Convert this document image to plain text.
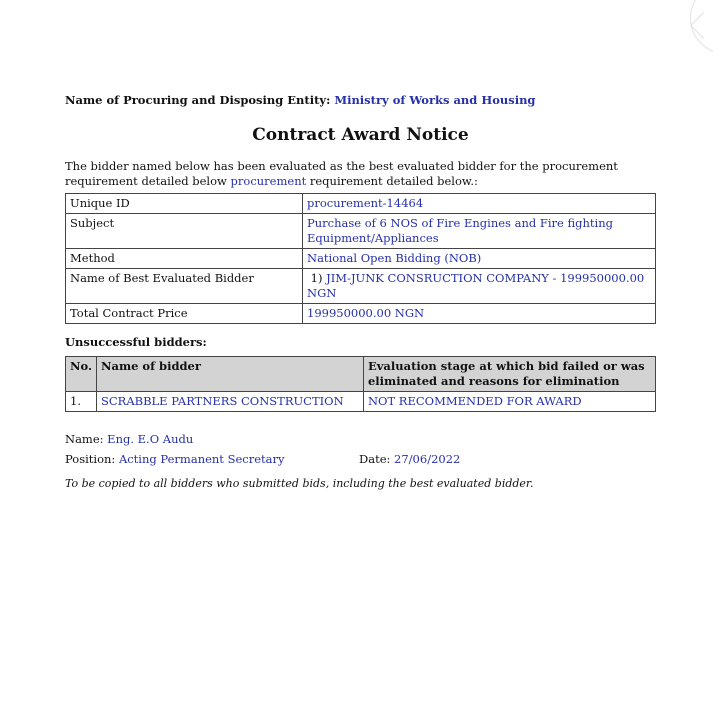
Name of Procuring and Disposing Entity: Ministry of Works and Housing

Contract Award Notice

The bidder named below has been evaluated as the best evaluated bidder for the procurement requirement detailed below procurement requirement detailed below.:

Unique ID	procurement-14464
Subject	Purchase of 6 NOS of Fire Engines and Fire fighting Equipment/Appliances
Method	National Open Bidding (NOB)
Name of Best Evaluated Bidder	1) JIM-JUNK CONSRUCTION COMPANY - 199950000.00 NGN
Total Contract Price	199950000.00 NGN

Unsuccessful bidders:

No.	Name of bidder	Evaluation stage at which bid failed or was eliminated and reasons for elimination
1.	SCRABBLE PARTNERS CONSTRUCTION	NOT RECOMMENDED FOR AWARD
Name: Eng. E.O Audu
Position: Acting Permanent Secretary	Date: 27/06/2022

To be copied to all bidders who submitted bids, including the best evaluated bidder.
